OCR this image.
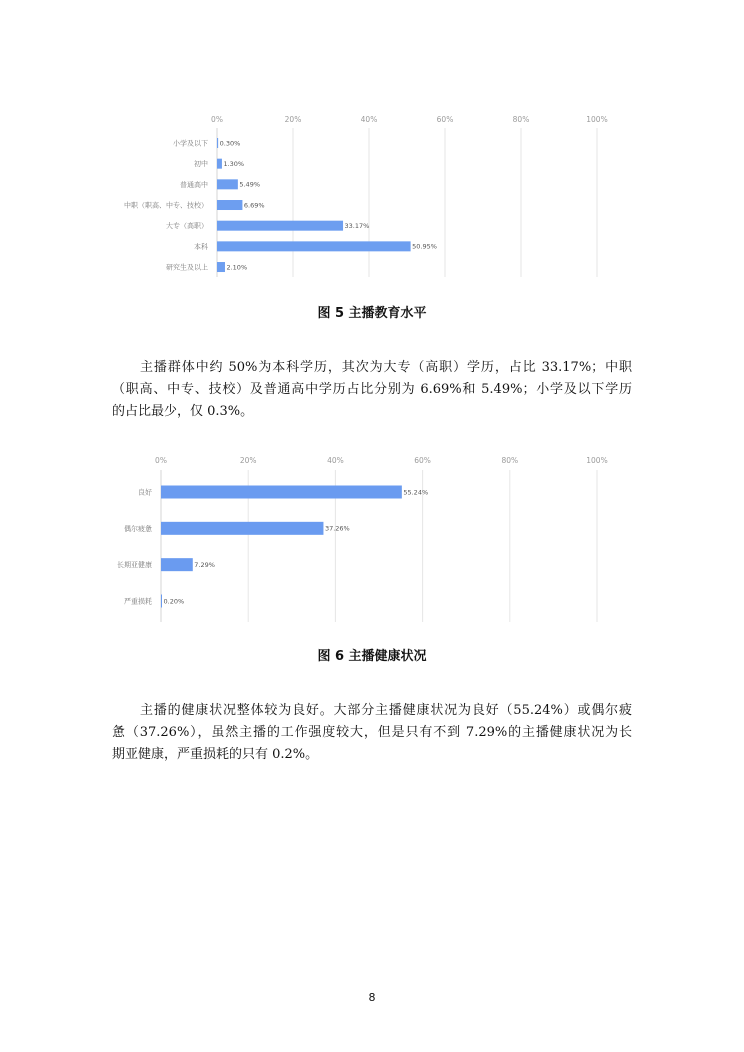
0%	20%	40%	60%	80%	100%
小学及以下 0.30%
初中 1.30%
普通高中	5.49%
中职（职高、中专、技校）	6.69%
大专（高职）	33.17%
本科	50.95%
研究生及以上	2.10%
图 5 主播教育水平
主播群体中约 50%为本科学历，其次为大专（高职）学历，占比 33.17%；中职
（职高、中专、技校）及普通高中学历占比分别为 6.69%和 5.49%；小学及以下学历
的占比最少，仅 0.3%。
0%	20%	40%	60%	80%	100%
良好	55.24%
偶尔疲惫	37.26%
长期亚健康	7.29%
严重损耗 0.20%
图 6 主播健康状况
主播的健康状况整体较为良好。大部分主播健康状况为良好（55.24%）或偶尔疲
惫（37.26%），虽然主播的工作强度较大，但是只有不到 7.29%的主播健康状况为长
期亚健康，严重损耗的只有 0.2%。
8
